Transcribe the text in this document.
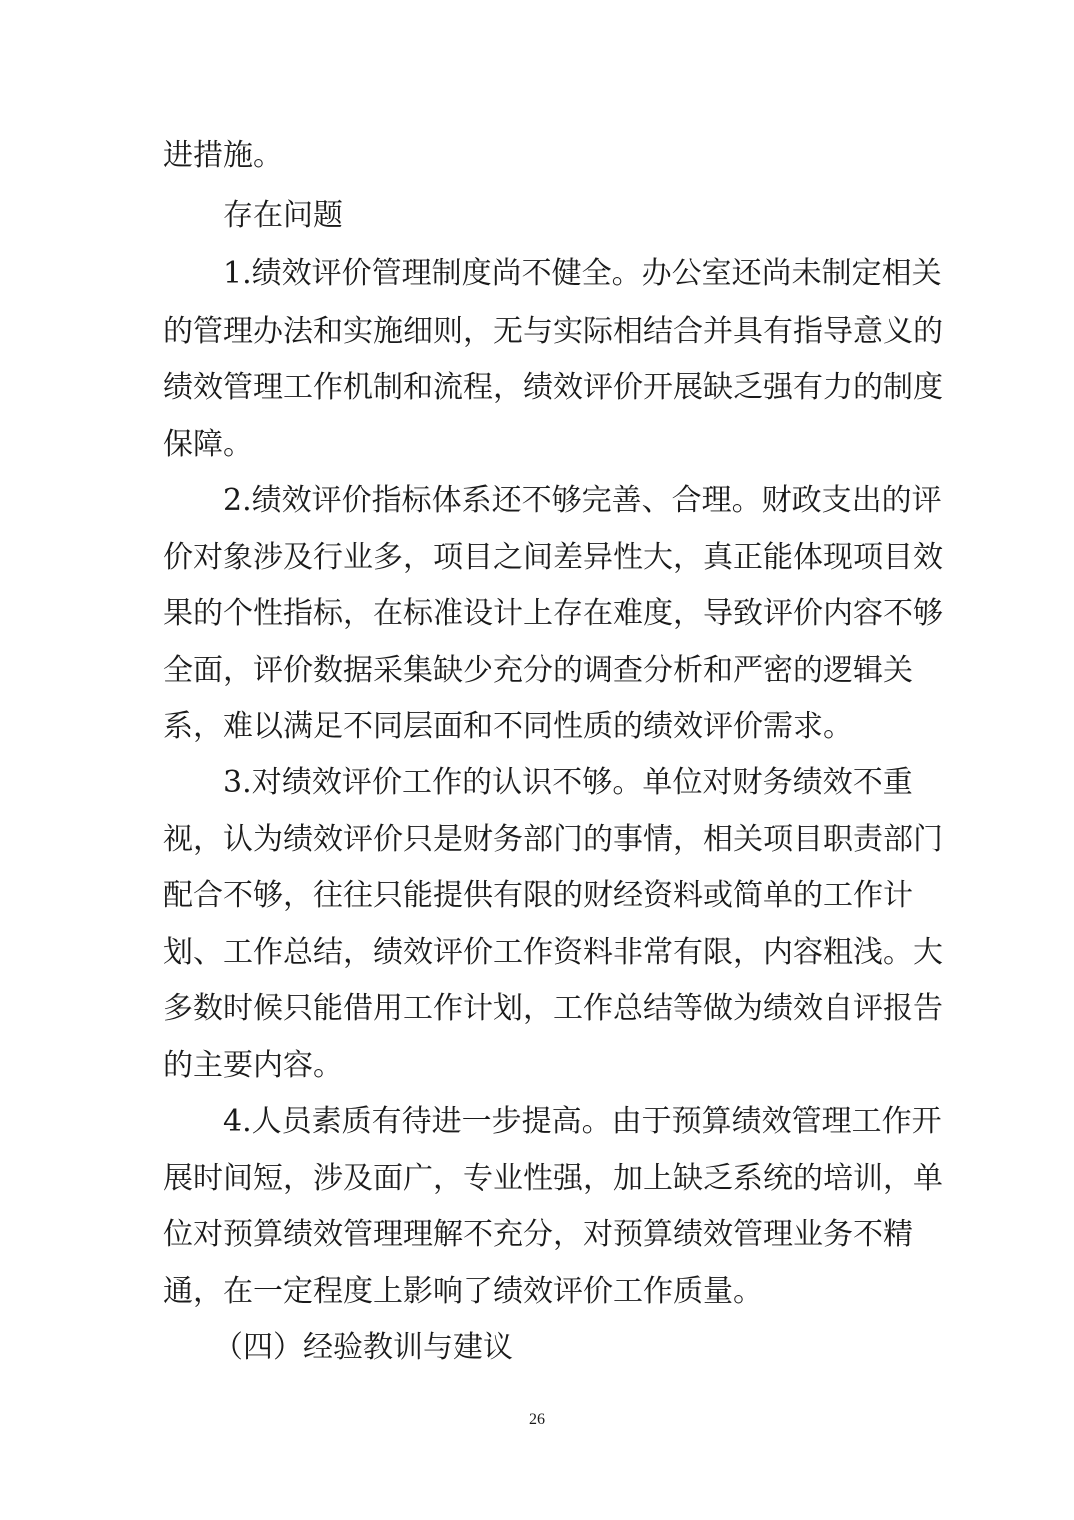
进措施。

存在问题

1 . 绩 效 评 价 管 理 制 度 尚 不 健 全 。 办 公 室 还 尚 未 制 定 相 关

的 管 理 办 法 和 实 施 细 则 ， 无 与 实 际 相 结 合 并 具 有 指 导 意 义 的

绩 效 管 理 工 作 机 制 和 流 程 ， 绩 效 评 价 开 展 缺 乏 强 有 力 的 制 度

保障。

2 . 绩 效 评 价 指 标 体 系 还 不 够 完 善 、 合 理 。 财 政 支 出 的 评

价 对 象 涉 及 行 业 多 ， 项 目 之 间 差 异 性 大 ， 真 正 能 体 现 项 目 效

果 的 个 性 指 标 ， 在 标 准 设 计 上 存 在 难 度 ， 导 致 评 价 内 容 不 够

全 面 ， 评 价 数 据 采 集 缺 少 充 分 的 调 查 分 析 和 严 密 的 逻 辑 关

系，难以满足不同层面和不同性质的绩效评价需求。

3 . 对 绩 效 评 价 工 作 的 认 识 不 够 。 单 位 对 财 务 绩 效 不 重

视 ， 认 为 绩 效 评 价 只 是 财 务 部 门 的 事 情 ， 相 关 项 目 职 责 部 门

配 合 不 够 ， 往 往 只 能 提 供 有 限 的 财 经 资 料 或 简 单 的 工 作 计

划 、 工 作 总 结 ， 绩 效 评 价 工 作 资 料 非 常 有 限 ， 内 容 粗 浅 。 大

多 数 时 候 只 能 借 用 工 作 计 划 ， 工 作 总 结 等 做 为 绩 效 自 评 报 告

的主要内容。

4 . 人 员 素 质 有 待 进 一 步 提 高 。 由 于 预 算 绩 效 管 理 工 作 开

展 时 间 短 ， 涉 及 面 广 ， 专 业 性 强 ， 加 上 缺 乏 系 统 的 培 训 ， 单

位 对 预 算 绩 效 管 理 理 解 不 充 分 ， 对 预 算 绩 效 管 理 业 务 不 精

通，在一定程度上影响了绩效评价工作质量。

（四）经验教训与建议

26
